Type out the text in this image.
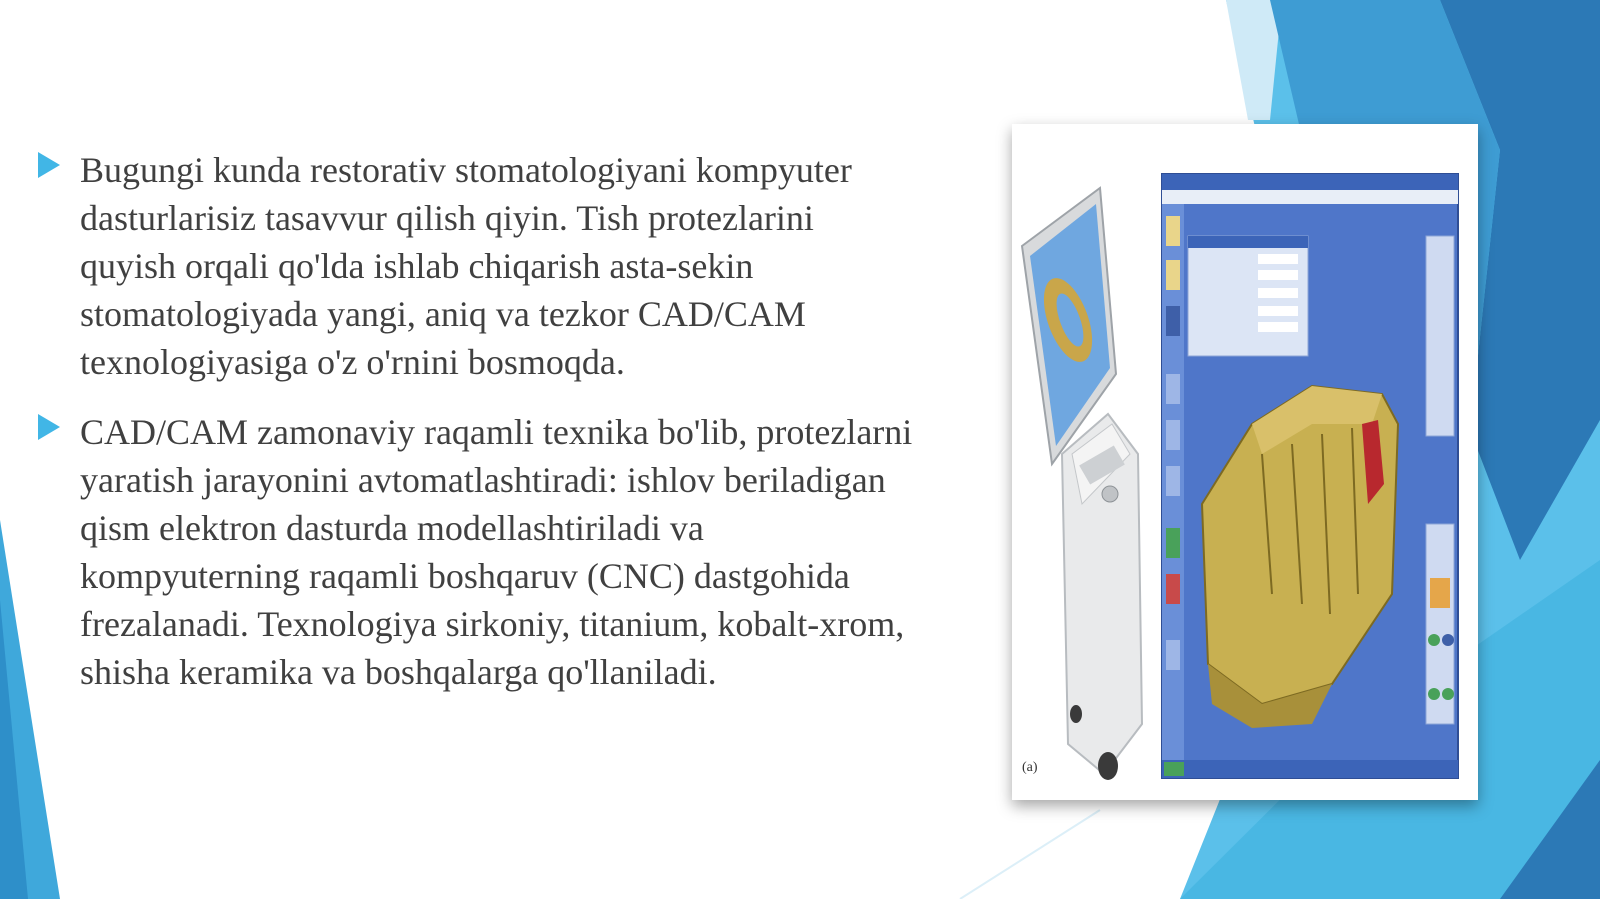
Bugungi kunda restorativ stomatologiyani kompyuter dasturlarisiz tasavvur qilish qiyin. Tish protezlarini quyish orqali qo'lda ishlab chiqarish asta-sekin stomatologiyada yangi, aniq va tezkor CAD/CAM texnologiyasiga o'z o'rnini bosmoqda.
CAD/CAM zamonaviy raqamli texnika bo'lib, protezlarni yaratish jarayonini avtomatlashtiradi: ishlov beriladigan qism elektron dasturda modellashtiriladi va kompyuterning raqamli boshqaruv (CNC) dastgohida frezalanadi. Texnologiya sirkoniy, titanium, kobalt-xrom, shisha keramika va boshqalarga qo'llaniladi.
(a)
